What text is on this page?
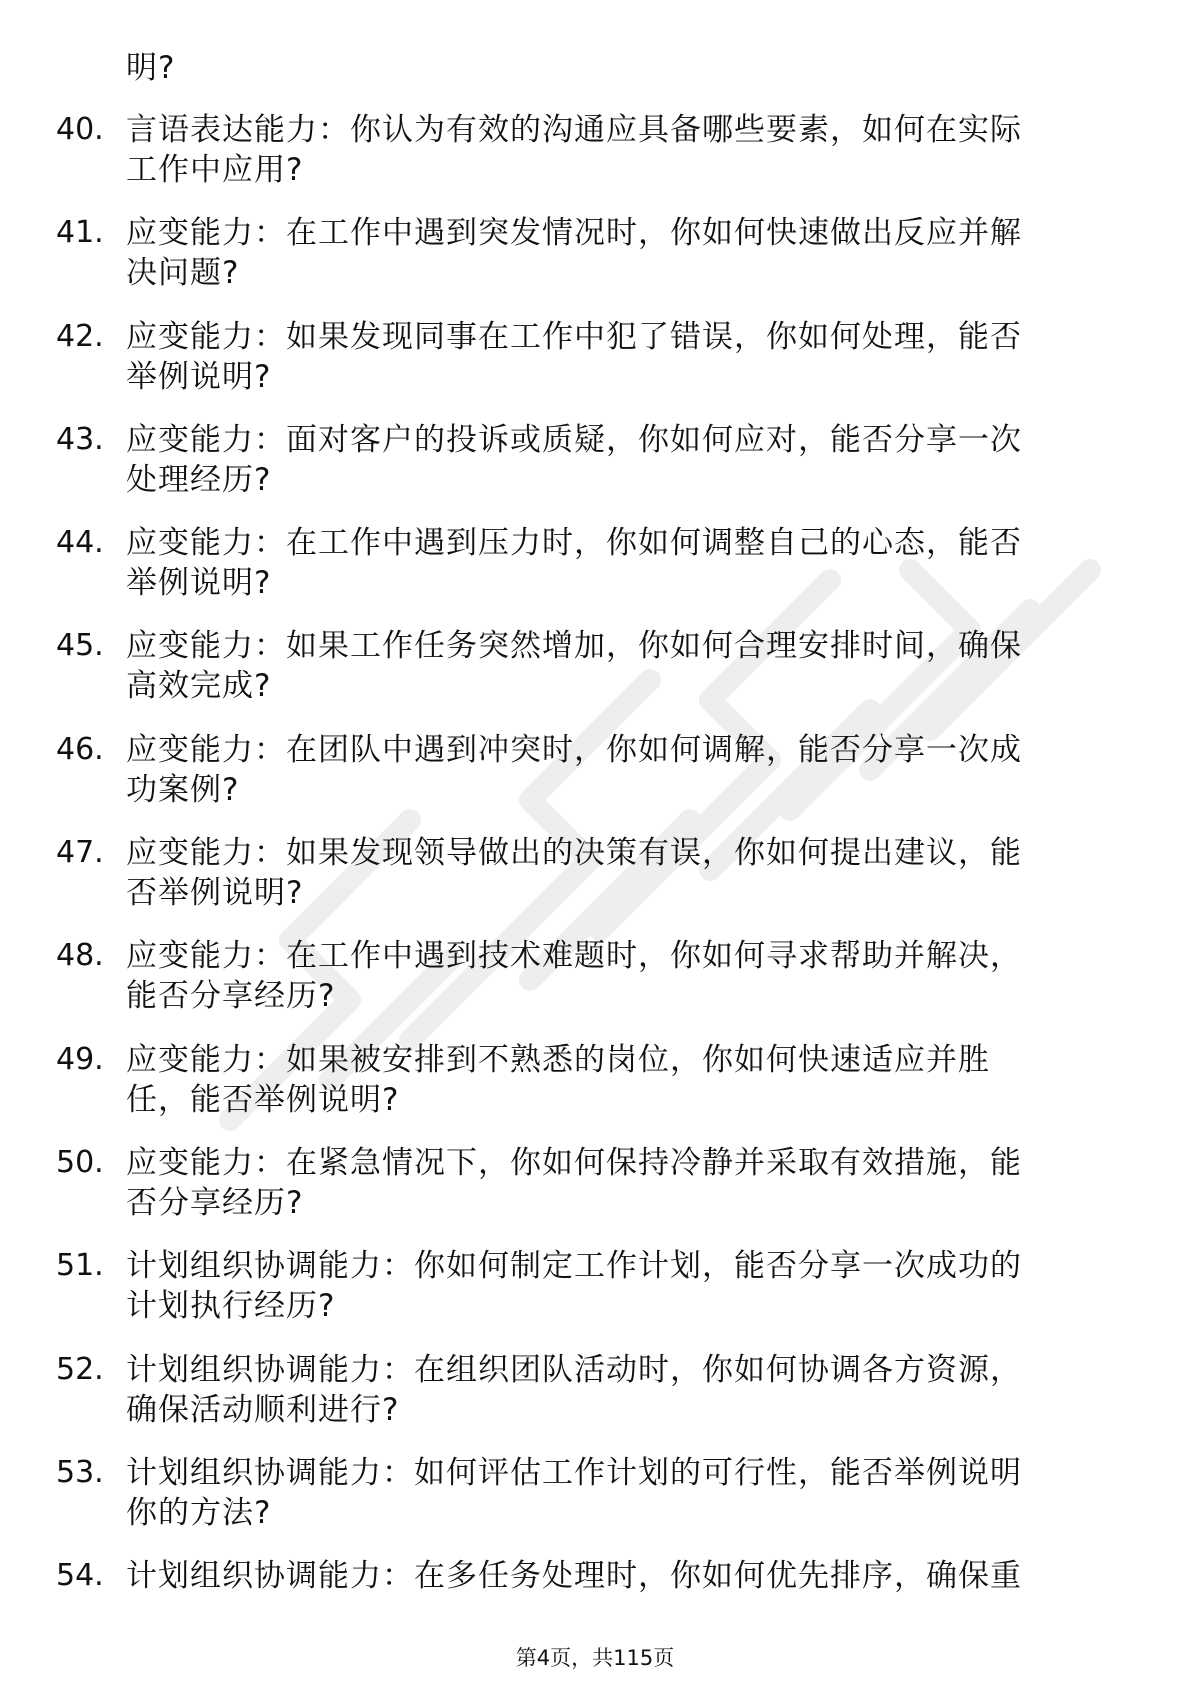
明?
40. 言语表达能力：你认为有效的沟通应具备哪些要素，如何在实际
工作中应用?
41. 应变能力：在工作中遇到突发情况时，你如何快速做出反应并解
决问题?
42. 应变能力：如果发现同事在工作中犯了错误，你如何处理，能否
举例说明?
43. 应变能力：面对客户的投诉或质疑，你如何应对，能否分享一次
处理经历?
44. 应变能力：在工作中遇到压力时，你如何调整自己的心态，能否
举例说明?
45. 应变能力：如果工作任务突然增加，你如何合理安排时间，确保
高效完成?
46. 应变能力：在团队中遇到冲突时，你如何调解，能否分享一次成
功案例?
47. 应变能力：如果发现领导做出的决策有误，你如何提出建议，能
否举例说明?
48. 应变能力：在工作中遇到技术难题时，你如何寻求帮助并解决，
能否分享经历?
49. 应变能力：如果被安排到不熟悉的岗位，你如何快速适应并胜
任，能否举例说明?
50. 应变能力：在紧急情况下，你如何保持冷静并采取有效措施，能
否分享经历?
51. 计划组织协调能力：你如何制定工作计划，能否分享一次成功的
计划执行经历?
52. 计划组织协调能力：在组织团队活动时，你如何协调各方资源，
确保活动顺利进行?
53. 计划组织协调能力：如何评估工作计划的可行性，能否举例说明
你的方法?
54. 计划组织协调能力：在多任务处理时，你如何优先排序，确保重
第4页，共115页
